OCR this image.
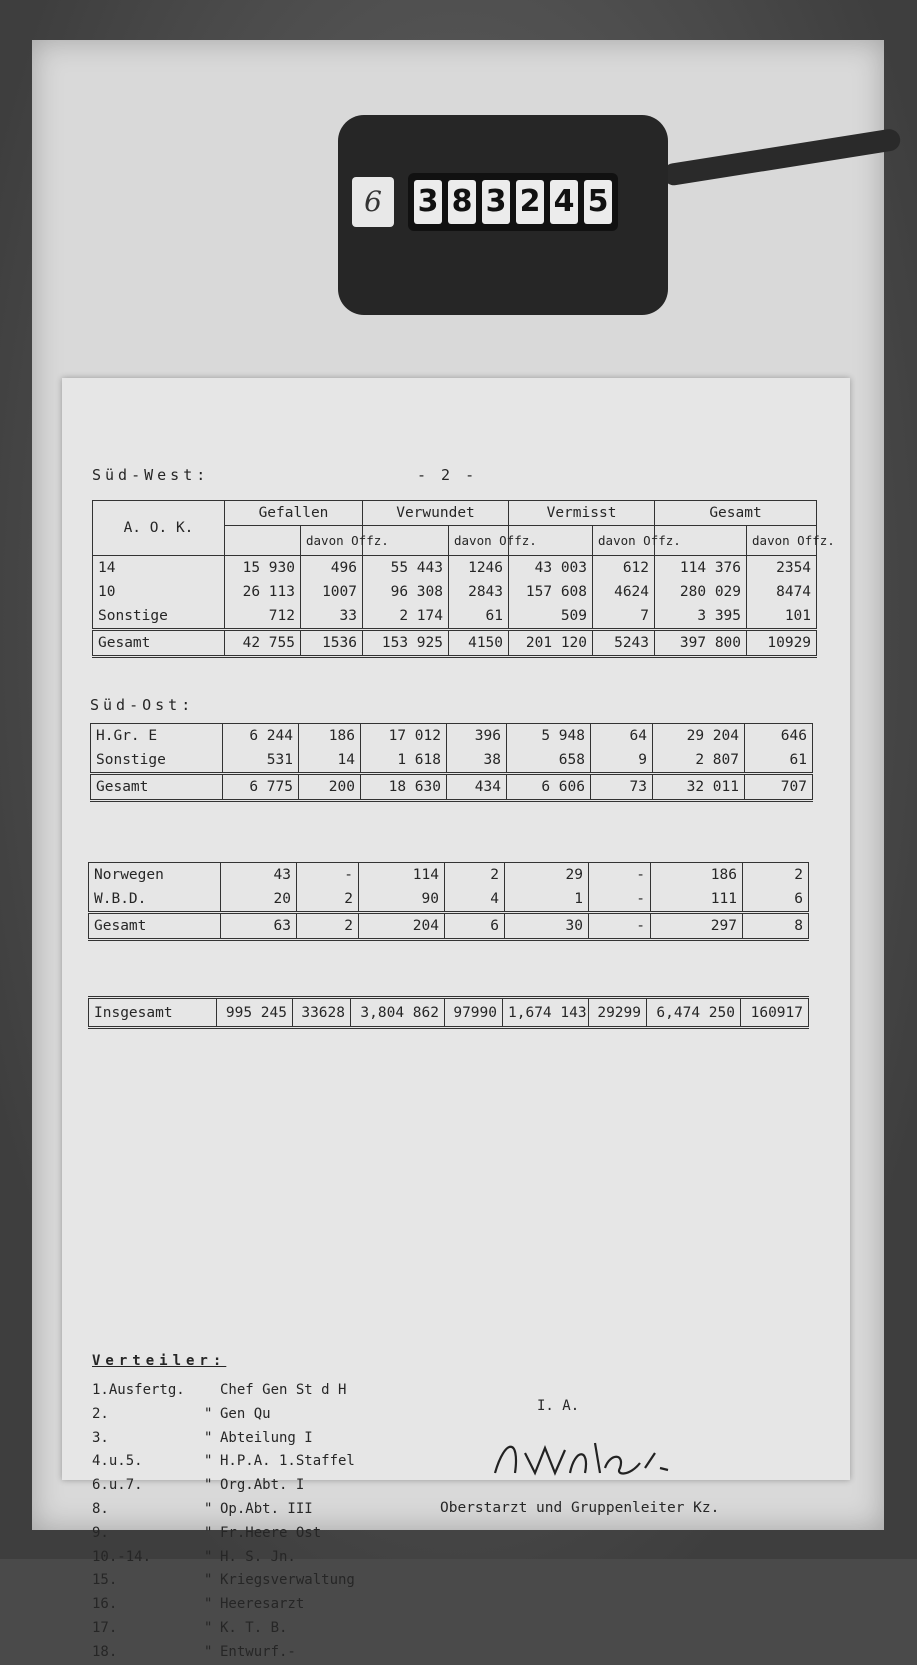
6	3 8 3 2 4 5
Süd-West:	- 2 -
A. O. K.	Gefallen		Verwundet		Vermisst		Gesamt	
		davon Offz.		davon Offz.		davon Offz.		davon Offz.
14	15 930	496	55 443	1246	43 003	612	114 376	2354
10	26 113	1007	96 308	2843	157 608	4624	280 029	8474
Sonstige	712	33	2 174	61	509	7	3 395	101
Gesamt	42 755	1536	153 925	4150	201 120	5243	397 800	10929
Süd-Ost:
H.Gr. E	6 244	186	17 012	396	5 948	64	29 204	646
Sonstige	531	14	1 618	38	658	9	2 807	61
Gesamt	6 775	200	18 630	434	6 606	73	32 011	707
Norwegen	43	-	114	2	29	-	186	2
W.B.D.	20	2	90	4	1	-	111	6
Gesamt	63	2	204	6	30	-	297	8
Insgesamt	995 245	33628	3,804 862	97990	1,674 143	29299	6,474 250	160917
Verteiler:
1.Ausfertg.	Chef Gen St d H
2.	" Gen Qu
3.	" Abteilung I
4.u.5.	" H.P.A. 1.Staffel
6.u.7.	" Org.Abt. I
8.	" Op.Abt. III
9.	" Fr.Heere Ost
10.-14.	" H. S. Jn.
15.	" Kriegsverwaltung
16.	" Heeresarzt
17.	" K. T. B.
18.	" Entwurf.-
I. A.
Oberstarzt und Gruppenleiter Kz.
